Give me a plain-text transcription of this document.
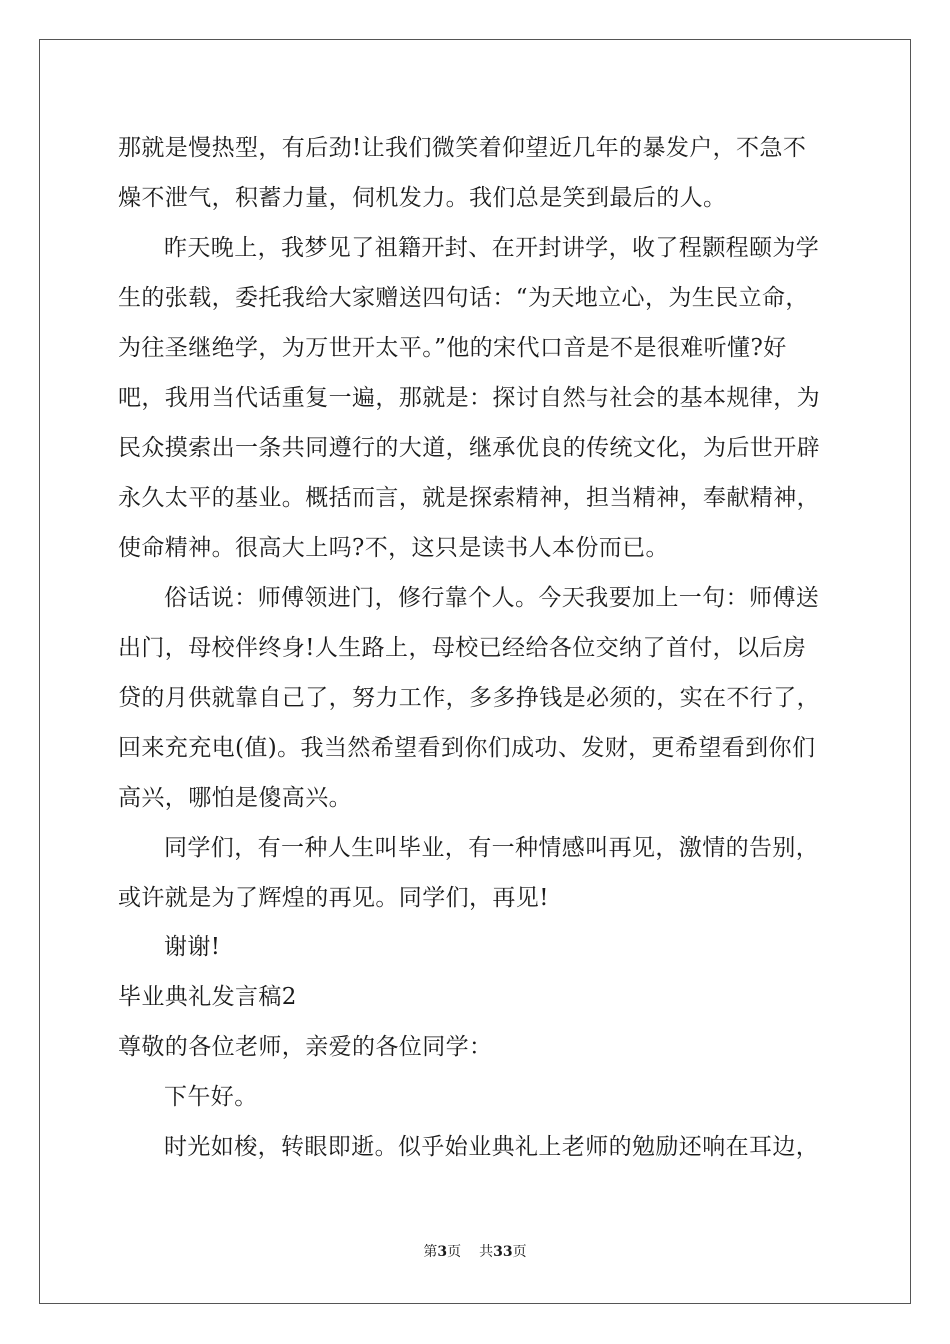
那就是慢热型，有后劲!让我们微笑着仰望近几年的暴发户，不急不
燥不泄气，积蓄力量，伺机发力。我们总是笑到最后的人。
昨天晚上，我梦见了祖籍开封、在开封讲学，收了程颢程颐为学
生的张载，委托我给大家赠送四句话：“为天地立心，为生民立命，
为往圣继绝学，为万世开太平。”他的宋代口音是不是很难听懂?好
吧，我用当代话重复一遍，那就是：探讨自然与社会的基本规律，为
民众摸索出一条共同遵行的大道，继承优良的传统文化，为后世开辟
永久太平的基业。概括而言，就是探索精神，担当精神，奉献精神，
使命精神。很高大上吗?不，这只是读书人本份而已。
俗话说：师傅领进门，修行靠个人。今天我要加上一句：师傅送
出门，母校伴终身!人生路上，母校已经给各位交纳了首付，以后房
贷的月供就靠自己了，努力工作，多多挣钱是必须的，实在不行了，
回来充充电(值)。我当然希望看到你们成功、发财，更希望看到你们
高兴，哪怕是傻高兴。
同学们，有一种人生叫毕业，有一种情感叫再见，激情的告别，
或许就是为了辉煌的再见。同学们，再见!
谢谢!
毕业典礼发言稿2
尊敬的各位老师，亲爱的各位同学：
下午好。
时光如梭，转眼即逝。似乎始业典礼上老师的勉励还响在耳边，
第3页 共33页
